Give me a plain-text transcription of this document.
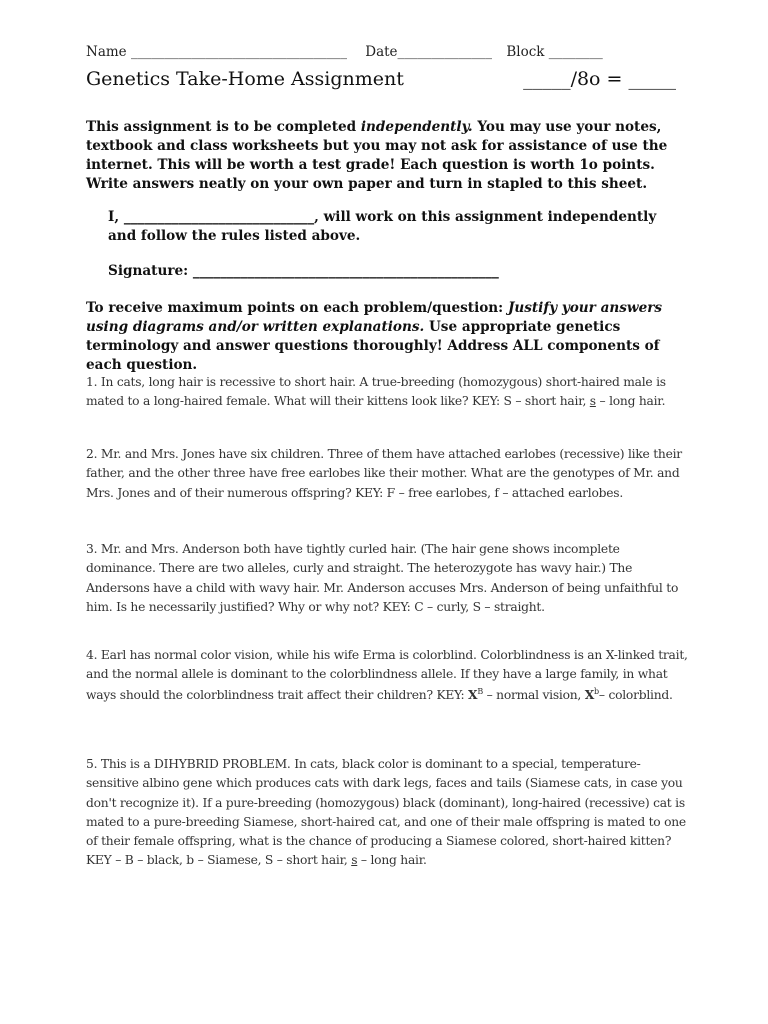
Name ________________________________ Date______________ Block ________
Genetics Take-Home Assignment	_____/8o = _____
This assignment is to be completed independently. You may use your notes, textbook and class worksheets but you may not ask for assistance of use the internet. This will be worth a test grade! Each question is worth 1o points. Write answers neatly on your own paper and turn in stapled to this sheet.
I, ____________________________, will work on this assignment independently and follow the rules listed above.
Signature: _____________________________________________
To receive maximum points on each problem/question: Justify your answers using diagrams and/or written explanations. Use appropriate genetics terminology and answer questions thoroughly! Address ALL components of each question.
1. In cats, long hair is recessive to short hair. A true-breeding (homozygous) short-haired male is mated to a long-haired female. What will their kittens look like? KEY: S – short hair, s – long hair.
2. Mr. and Mrs. Jones have six children. Three of them have attached earlobes (recessive) like their father, and the other three have free earlobes like their mother. What are the genotypes of Mr. and Mrs. Jones and of their numerous offspring? KEY: F – free earlobes, f – attached earlobes.
3. Mr. and Mrs. Anderson both have tightly curled hair. (The hair gene shows incomplete dominance. There are two alleles, curly and straight. The heterozygote has wavy hair.) The Andersons have a child with wavy hair. Mr. Anderson accuses Mrs. Anderson of being unfaithful to him. Is he necessarily justified? Why or why not? KEY: C – curly, S – straight.
4. Earl has normal color vision, while his wife Erma is colorblind. Colorblindness is an X-linked trait, and the normal allele is dominant to the colorblindness allele. If they have a large family, in what ways should the colorblindness trait affect their children? KEY: $X^B$ – normal vision, $X^b-$ colorblind.
5. This is a DIHYBRID PROBLEM. In cats, black color is dominant to a special, temperature-sensitive albino gene which produces cats with dark legs, faces and tails (Siamese cats, in case you don't recognize it). If a pure-breeding (homozygous) black (dominant), long-haired (recessive) cat is mated to a pure-breeding Siamese, short-haired cat, and one of their male offspring is mated to one of their female offspring, what is the chance of producing a Siamese colored, short-haired kitten? KEY – B – black, b – Siamese, S – short hair, s – long hair.
